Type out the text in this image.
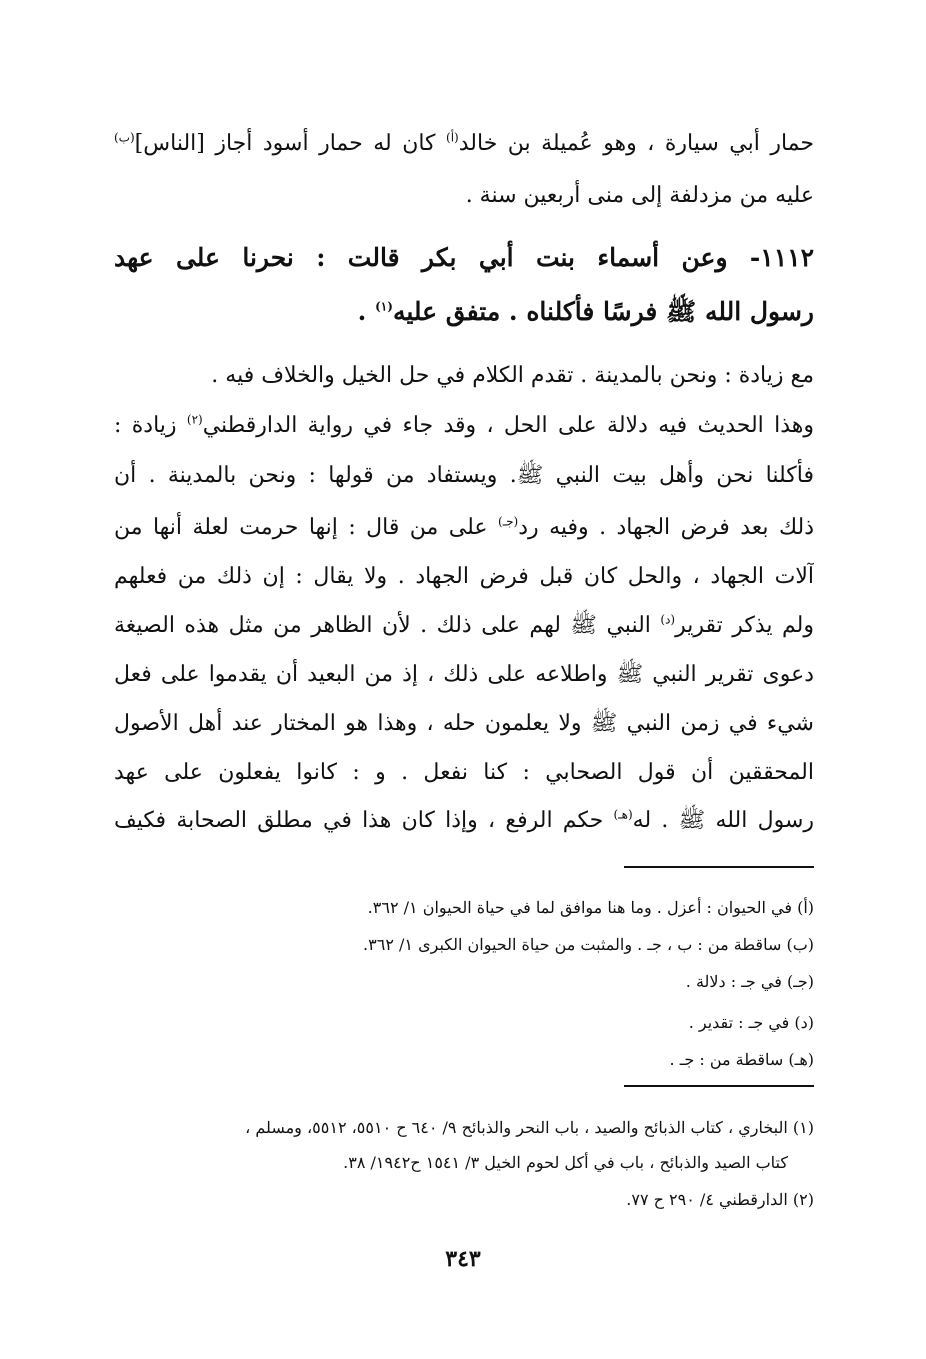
حمار أبي سيارة ، وهو عُميلة بن خالد$^{(أ)}$ كان له حمار أسود أجاز [الناس]$^{(ب)}$
عليه من مزدلفة إلى منى أربعين سنة .
١١١٢- وعن أسماء بنت أبي بكر قالت : نحرنا على عهد
رسول الله ﷺ فرسًا فأكلناه . متفق عليه$^{(١)}$ .
مع زيادة : ونحن بالمدينة . تقدم الكلام في حل الخيل والخلاف فيه .
وهذا الحديث فيه دلالة على الحل ، وقد جاء في رواية الدارقطني$^{(٢)}$ زيادة :
فأكلنا نحن وأهل بيت النبي ﷺ. ويستفاد من قولها : ونحن بالمدينة . أن
ذلك بعد فرض الجهاد . وفيه رد$^{(جـ)}$ على من قال : إنها حرمت لعلة أنها من
آلات الجهاد ، والحل كان قبل فرض الجهاد . ولا يقال : إن ذلك من فعلهم
ولم يذكر تقرير$^{(د)}$ النبي ﷺ لهم على ذلك . لأن الظاهر من مثل هذه الصيغة
دعوى تقرير النبي ﷺ واطلاعه على ذلك ، إذ من البعيد أن يقدموا على فعل
شيء في زمن النبي ﷺ ولا يعلمون حله ، وهذا هو المختار عند أهل الأصول
المحققين أن قول الصحابي : كنا نفعل . و : كانوا يفعلون على عهد
رسول الله ﷺ . له$^{(هـ)}$ حكم الرفع ، وإذا كان هذا في مطلق الصحابة فكيف
(أ) في الحيوان : أعزل . وما هنا موافق لما في حياة الحيوان ١/ ٣٦٢.
(ب) ساقطة من : ب ، جـ . والمثبت من حياة الحيوان الكبرى ١/ ٣٦٢.
(جـ) في جـ : دلالة .
(د) في جـ : تقدير .
(هـ) ساقطة من : جـ .
(١) البخاري ، كتاب الذبائح والصيد ، باب النحر والذبائح ٩/ ٦٤٠ ح ٥٥١٠، ٥٥١٢، ومسلم ،
كتاب الصيد والذبائح ، باب في أكل لحوم الخيل ٣/ ١٥٤١ ح١٩٤٢/ ٣٨.
(٢) الدارقطني ٤/ ٢٩٠ ح ٧٧.
٣٤٣
